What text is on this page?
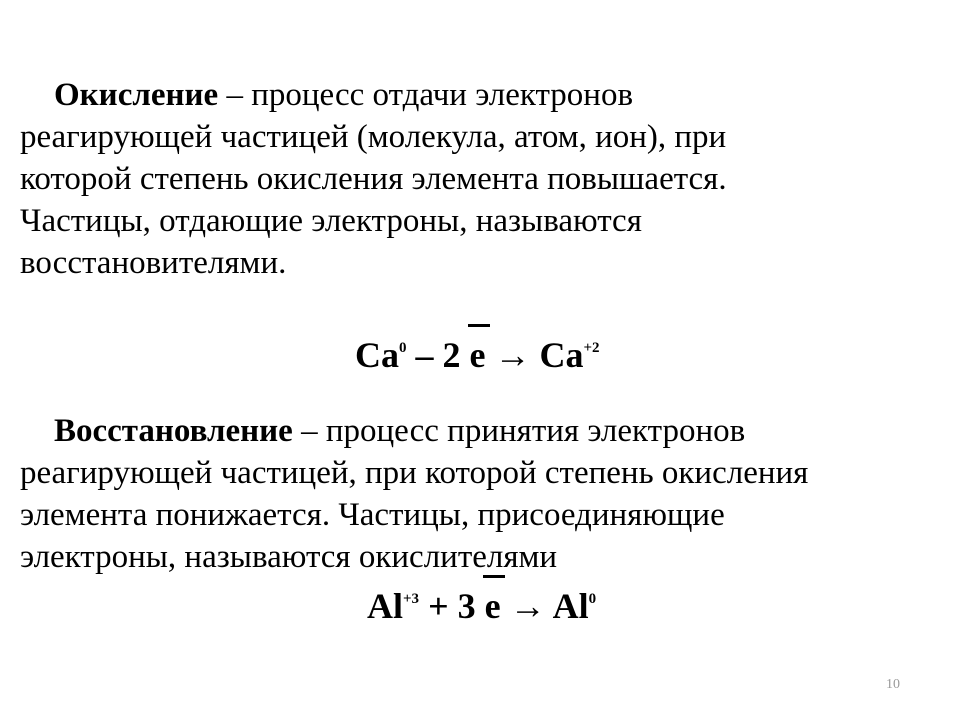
Окисление – процесс отдачи электронов
реагирующей частицей (молекула, атом, ион), при
которой степень окисления элемента повышается.
Частицы, отдающие электроны, называются
восстановителями.
Ca$^0$ – 2
$e \to Ca^{+2}$
Восстановление – процесс принятия электронов
реагирующей частицей, при которой степень окисления
элемента понижается. Частицы, присоединяющие
электроны, называются окислителями
$Al^{+3} + 3$
$e \to Al^0$
10
